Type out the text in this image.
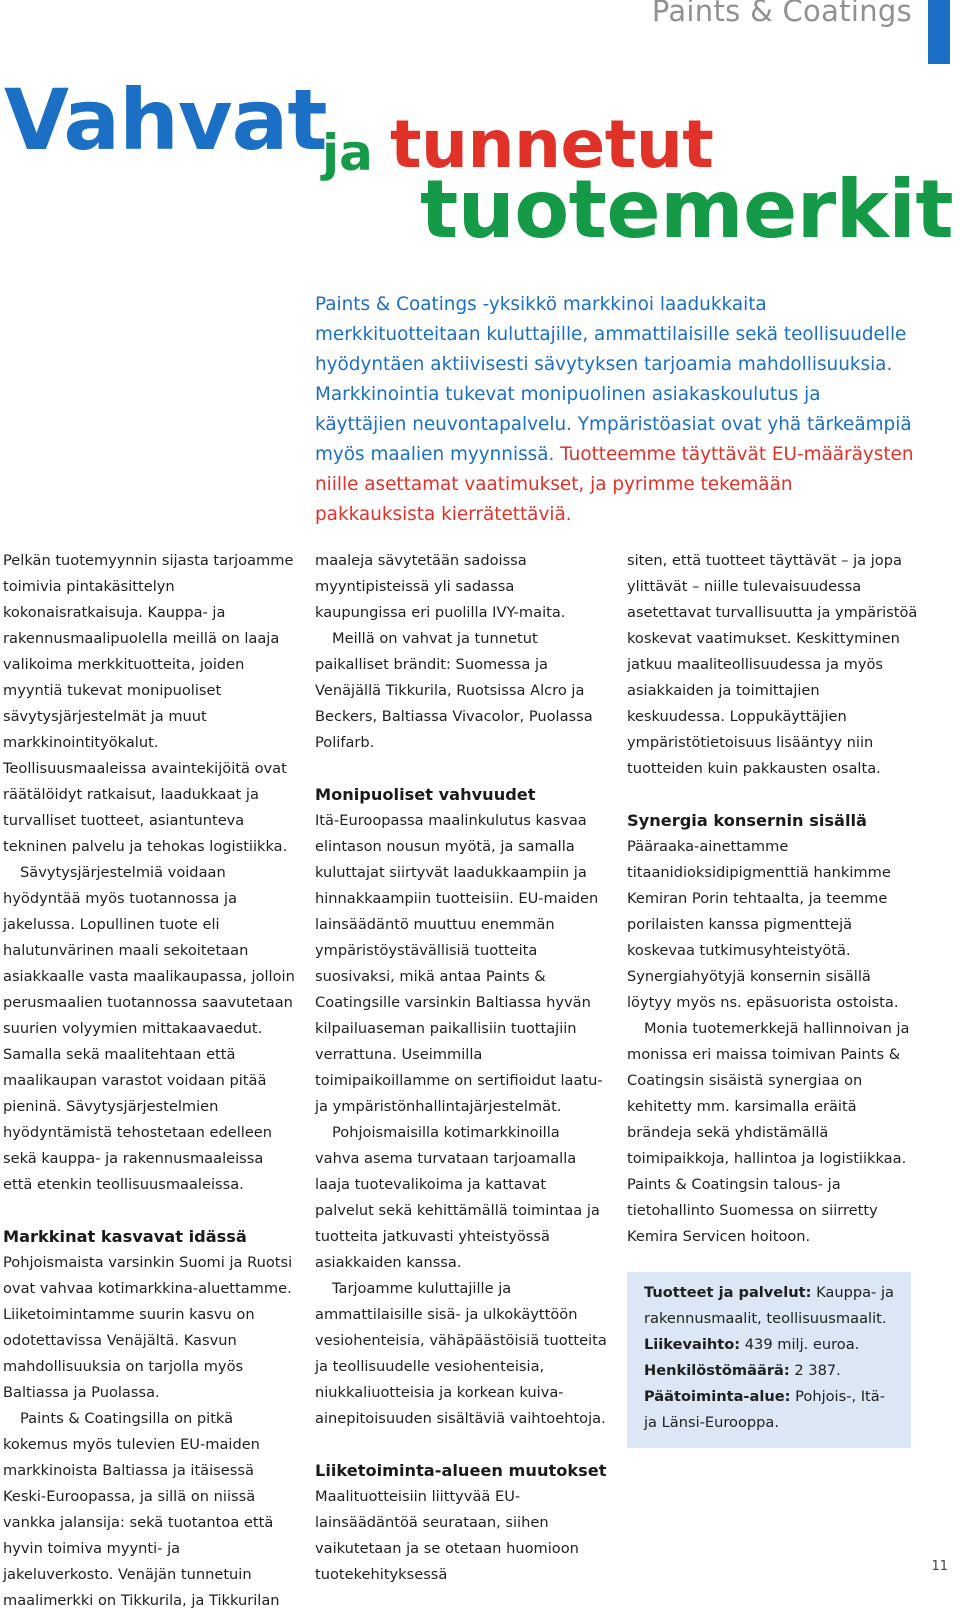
Paints & Coatings
Vahvat
ja tunnetut
tuotemerkit

Paints & Coatings -yksikkö markkinoi laadukkaita merkkituotteitaan kuluttajille, ammattilaisille sekä teollisuudelle hyödyntäen aktiivisesti sävytyksen tarjoamia mahdollisuuksia. Markkinointia tukevat monipuolinen asiakaskoulutus ja käyttäjien neuvontapalvelu. Ympäristöasiat ovat yhä tärkeämpiä myös maalien myynnissä. Tuotteemme täyttävät EU-määräysten niille asettamat vaatimukset, ja pyrimme tekemään pakkauksista kierrätettäviä.

Pelkän tuotemyynnin sijasta tarjoamme toimivia pintakäsittelyn kokonaisratkaisuja. Kauppa- ja rakennusmaalipuolella meillä on laaja valikoima merkkituotteita, joiden myyntiä tukevat monipuoliset sävytysjärjestelmät ja muut markkinointityökalut. Teollisuusmaaleissa avaintekijöitä ovat räätälöidyt ratkaisut, laadukkaat ja turvalliset tuotteet, asiantunteva tekninen palvelu ja tehokas logistiikka.

Sävytysjärjestelmiä voidaan hyödyntää myös tuotannossa ja jakelussa. Lopullinen tuote eli halutunvärinen maali sekoitetaan asiakkaalle vasta maalikaupassa, jolloin perusmaalien tuotannossa saavutetaan suurien volyymien mittakaavaedut. Samalla sekä maalitehtaan että maalikaupan varastot voidaan pitää pieninä. Sävytysjärjestelmien hyödyntämistä tehostetaan edelleen sekä kauppa- ja rakennusmaaleissa että etenkin teollisuusmaaleissa.

Markkinat kasvavat idässä

Pohjoismaista varsinkin Suomi ja Ruotsi ovat vahvaa kotimarkkina-aluettamme. Liiketoimintamme suurin kasvu on odotettavissa Venäjältä. Kasvun mahdollisuuksia on tarjolla myös Baltiassa ja Puolassa.

Paints & Coatingsilla on pitkä kokemus myös tulevien EU-maiden markkinoista Baltiassa ja itäisessä Keski-Euroopassa, ja sillä on niissä vankka jalansija: sekä tuotantoa että hyvin toimiva myynti- ja jakeluverkosto. Venäjän tunnetuin maalimerkki on Tikkurila, ja Tikkurilan

maaleja sävytetään sadoissa myyntipisteissä yli sadassa kaupungissa eri puolilla IVY-maita.

Meillä on vahvat ja tunnetut paikalliset brändit: Suomessa ja Venäjällä Tikkurila, Ruotsissa Alcro ja Beckers, Baltiassa Vivacolor, Puolassa Polifarb.

Monipuoliset vahvuudet

Itä-Euroopassa maalinkulutus kasvaa elintason nousun myötä, ja samalla kuluttajat siirtyvät laadukkaampiin ja hinnakkaampiin tuotteisiin. EU-maiden lainsäädäntö muuttuu enemmän ympäristöystävällisiä tuotteita suosivaksi, mikä antaa Paints & Coatingsille varsinkin Baltiassa hyvän kilpailuaseman paikallisiin tuottajiin verrattuna. Useimmilla toimipaikoillamme on sertifioidut laatu- ja ympäristönhallintajärjestelmät.

Pohjoismaisilla kotimarkkinoilla vahva asema turvataan tarjoamalla laaja tuotevalikoima ja kattavat palvelut sekä kehittämällä toimintaa ja tuotteita jatkuvasti yhteistyössä asiakkaiden kanssa.

Tarjoamme kuluttajille ja ammattilaisille sisä- ja ulkokäyttöön vesiohenteisia, vähäpäästöisiä tuotteita ja teollisuudelle vesiohenteisia, niukkaliuotteisia ja korkean kuiva-ainepitoisuuden sisältäviä vaihtoehtoja.

Liiketoiminta-alueen muutokset

Maalituotteisiin liittyvää EU-lainsäädäntöä seurataan, siihen vaikutetaan ja se otetaan huomioon tuotekehityksessä

siten, että tuotteet täyttävät – ja jopa ylittävät – niille tulevaisuudessa asetettavat turvallisuutta ja ympäristöä koskevat vaatimukset. Keskittyminen jatkuu maaliteollisuudessa ja myös asiakkaiden ja toimittajien keskuudessa. Loppukäyttäjien ympäristötietoisuus lisääntyy niin tuotteiden kuin pakkausten osalta.

Synergia konsernin sisällä

Pääraaka-ainettamme titaanidioksidipigmenttiä hankimme Kemiran Porin tehtaalta, ja teemme porilaisten kanssa pigmenttejä koskevaa tutkimusyhteistyötä. Synergiahyötyjä konsernin sisällä löytyy myös ns. epäsuorista ostoista.

Monia tuotemerkkejä hallinnoivan ja monissa eri maissa toimivan Paints & Coatingsin sisäistä synergiaa on kehitetty mm. karsimalla eräitä brändeja sekä yhdistämällä toimipaikkoja, hallintoa ja logistiikkaa. Paints & Coatingsin talous- ja tietohallinto Suomessa on siirretty Kemira Servicen hoitoon.

Tuotteet ja palvelut: Kauppa- ja rakennusmaalit, teollisuusmaalit.

Liikevaihto: 439 milj. euroa.

Henkilöstömäärä: 2 387.

Päätoiminta-alue: Pohjois-, Itä- ja Länsi-Eurooppa.

11
